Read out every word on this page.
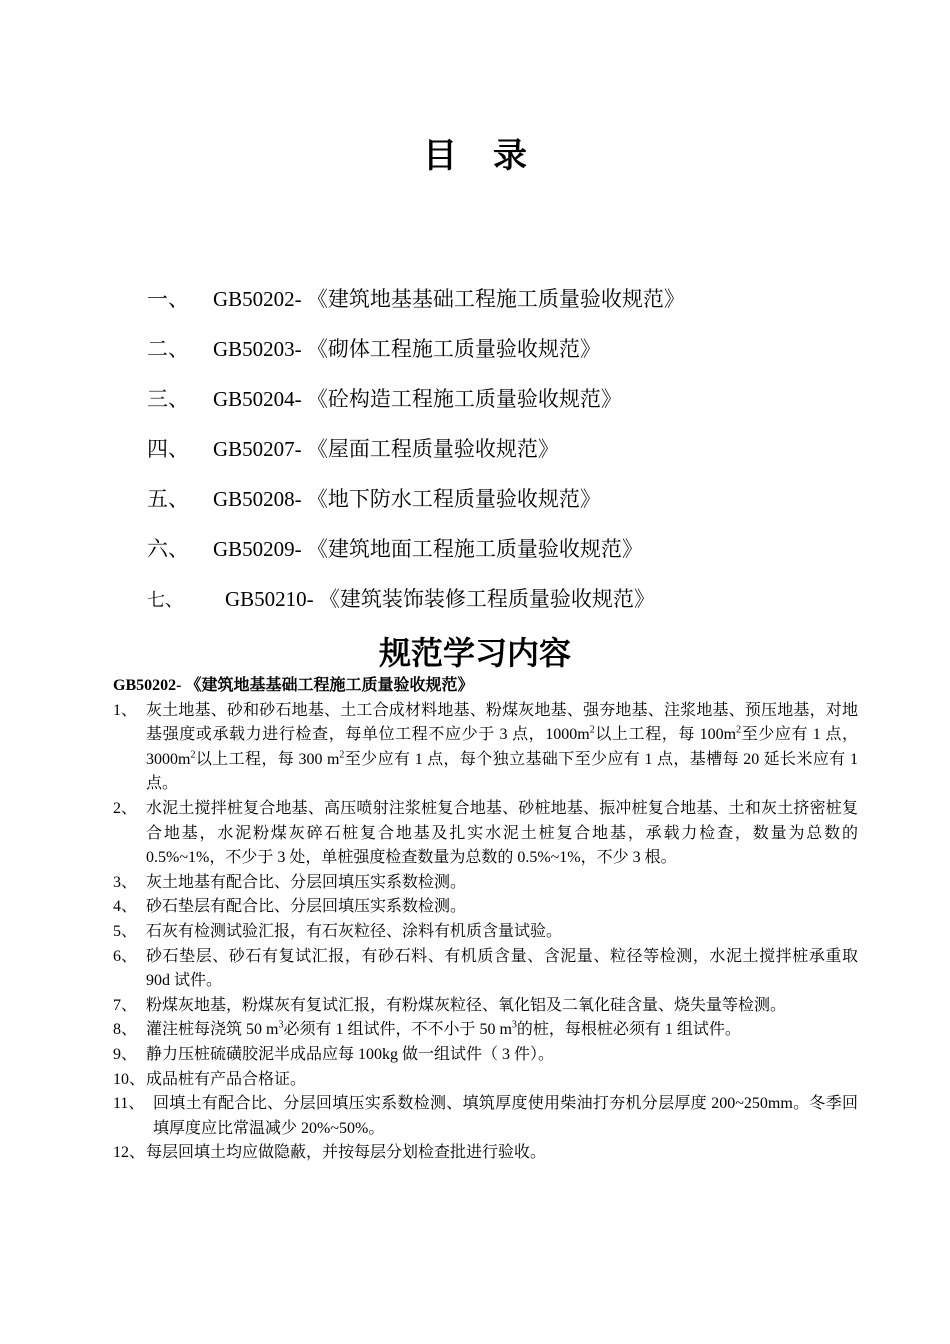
目 录
一、 GB50202- 《建筑地基基础工程施工质量验收规范》
二、 GB50203- 《砌体工程施工质量验收规范》
三、 GB50204- 《砼构造工程施工质量验收规范》
四、 GB50207- 《屋面工程质量验收规范》
五、 GB50208- 《地下防水工程质量验收规范》
六、 GB50209- 《建筑地面工程施工质量验收规范》
七、 GB50210- 《建筑装饰装修工程质量验收规范》
规范学习内容
GB50202- 《建筑地基基础工程施工质量验收规范》
1、 灰土地基、砂和砂石地基、土工合成材料地基、粉煤灰地基、强夯地基、注浆地基、预压地基，对地基强度或承载力进行检查，每单位工程不应少于 3 点，$1000m^2$以上工程，每 $100m^2$至少应有 1 点，$3000m^2$以上工程，每 300 $m^2$至少应有 1 点，每个独立基础下至少应有 1 点，基槽每 20 延长米应有 1 点。
2、 水泥土搅拌桩复合地基、高压喷射注浆桩复合地基、砂桩地基、振冲桩复合地基、土和灰土挤密桩复合地基，水泥粉煤灰碎石桩复合地基及扎实水泥土桩复合地基，承载力检查，数量为总数的 0.5%~1%，不少于 3 处，单桩强度检查数量为总数的 0.5%~1%，不少 3 根。
3、 灰土地基有配合比、分层回填压实系数检测。
4、 砂石垫层有配合比、分层回填压实系数检测。
5、 石灰有检测试验汇报，有石灰粒径、涂料有机质含量试验。
6、 砂石垫层、砂石有复试汇报，有砂石料、有机质含量、含泥量、粒径等检测，水泥土搅拌桩承重取 90d 试件。
7、 粉煤灰地基，粉煤灰有复试汇报，有粉煤灰粒径、氧化铝及二氧化硅含量、烧失量等检测。
8、 灌注桩每浇筑 50 $m^3$必须有 1 组试件，不不小于 50 $m^3$的桩，每根桩必须有 1 组试件。
9、 静力压桩硫磺胶泥半成品应每 100kg 做一组试件（ 3 件）。
10、 成品桩有产品合格证。
11、 回填土有配合比、分层回填压实系数检测、填筑厚度使用柴油打夯机分层厚度 200~250mm。冬季回填厚度应比常温减少 20%~50%。
12、 每层回填土均应做隐蔽，并按每层分划检查批进行验收。
